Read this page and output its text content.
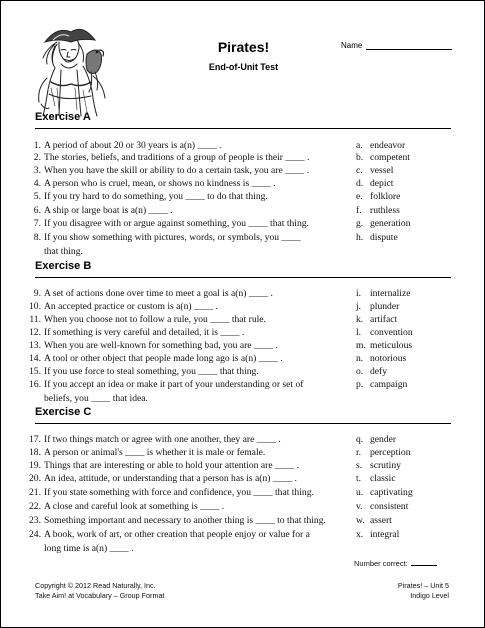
Pirates!
End-of-Unit Test
Name
Exercise A
1. A period of about 20 or 30 years is a(n) ____ .
2. The stories, beliefs, and traditions of a group of people is their ____ .
3. When you have the skill or ability to do a certain task, you are ____ .
4. A person who is cruel, mean, or shows no kindness is ____ .
5. If you try hard to do something, you ____ to do that thing.
6. A ship or large boat is a(n) ____ .
7. If you disagree with or argue against something, you ____ that thing.
8. If you show something with pictures, words, or symbols, you ____
that thing.
a. endeavor
b. competent
c. vessel
d. depict
e. folklore
f. ruthless
g. generation
h. dispute
Exercise B
9. A set of actions done over time to meet a goal is a(n) ____ .
10. An accepted practice or custom is a(n) ____ .
11. When you choose not to follow a rule, you ____ that rule.
12. If something is very careful and detailed, it is ____ .
13. When you are well-known for something bad, you are ____ .
14. A tool or other object that people made long ago is a(n) ____ .
15. If you use force to steal something, you ____ that thing.
16. If you accept an idea or make it part of your understanding or set of
beliefs, you ____ that idea.
i. internalize
j. plunder
k. artifact
l. convention
m. meticulous
n. notorious
o. defy
p. campaign
Exercise C
17. If two things match or agree with one another, they are ____ .
18. A person or animal's ____ is whether it is male or female.
19. Things that are interesting or able to hold your attention are ____ .
20. An idea, attitude, or understanding that a person has is a(n) ____ .
21. If you state something with force and confidence, you ____ that thing.
22. A close and careful look at something is ____ .
23. Something important and necessary to another thing is ____ to that thing.
24. A book, work of art, or other creation that people enjoy or value for a
long time is a(n) ____ .
q. gender
r. perception
s. scrutiny
t. classic
u. captivating
v. consistent
w. assert
x. integral
Number correct:
Copyright © 2012 Read Naturally, Inc.
Take Aim! at Vocabulary – Group Format
Pirates! – Unit 5
Indigo Level
